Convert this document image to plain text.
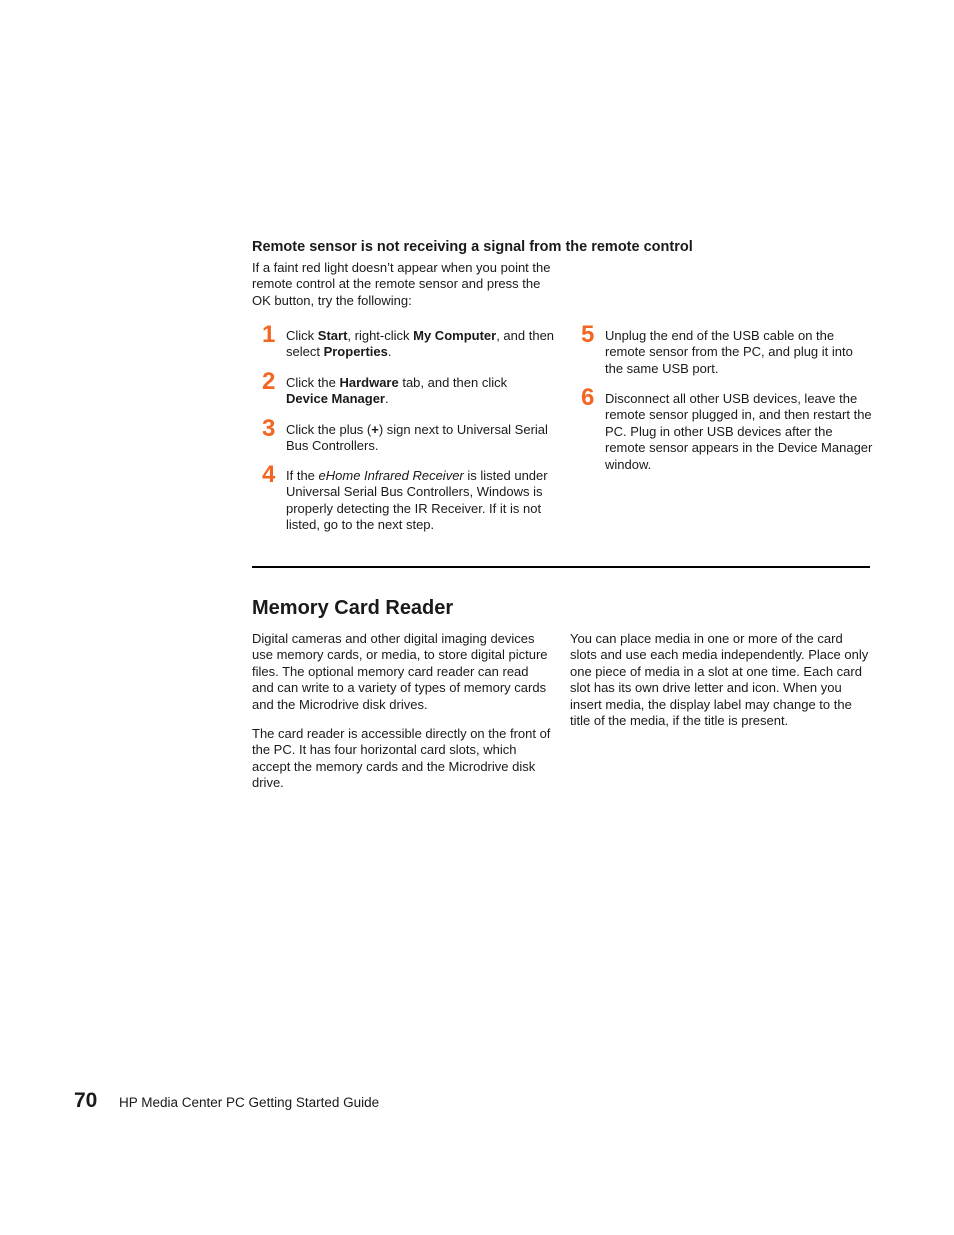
Remote sensor is not receiving a signal from the remote control
If a faint red light doesn’t appear when you point the remote control at the remote sensor and press the OK button, try the following:
1 Click Start, right-click My Computer, and then select Properties.
2 Click the Hardware tab, and then click Device Manager.
3 Click the plus (+) sign next to Universal Serial Bus Controllers.
4 If the eHome Infrared Receiver is listed under Universal Serial Bus Controllers, Windows is properly detecting the IR Receiver. If it is not listed, go to the next step.
5 Unplug the end of the USB cable on the remote sensor from the PC, and plug it into the same USB port.
6 Disconnect all other USB devices, leave the remote sensor plugged in, and then restart the PC. Plug in other USB devices after the remote sensor appears in the Device Manager window.
Memory Card Reader
Digital cameras and other digital imaging devices use memory cards, or media, to store digital picture files. The optional memory card reader can read and can write to a variety of types of memory cards and the Microdrive disk drives.
The card reader is accessible directly on the front of the PC. It has four horizontal card slots, which accept the memory cards and the Microdrive disk drive.
You can place media in one or more of the card slots and use each media independently. Place only one piece of media in a slot at one time. Each card slot has its own drive letter and icon. When you insert media, the display label may change to the title of the media, if the title is present.
70 HP Media Center PC Getting Started Guide
